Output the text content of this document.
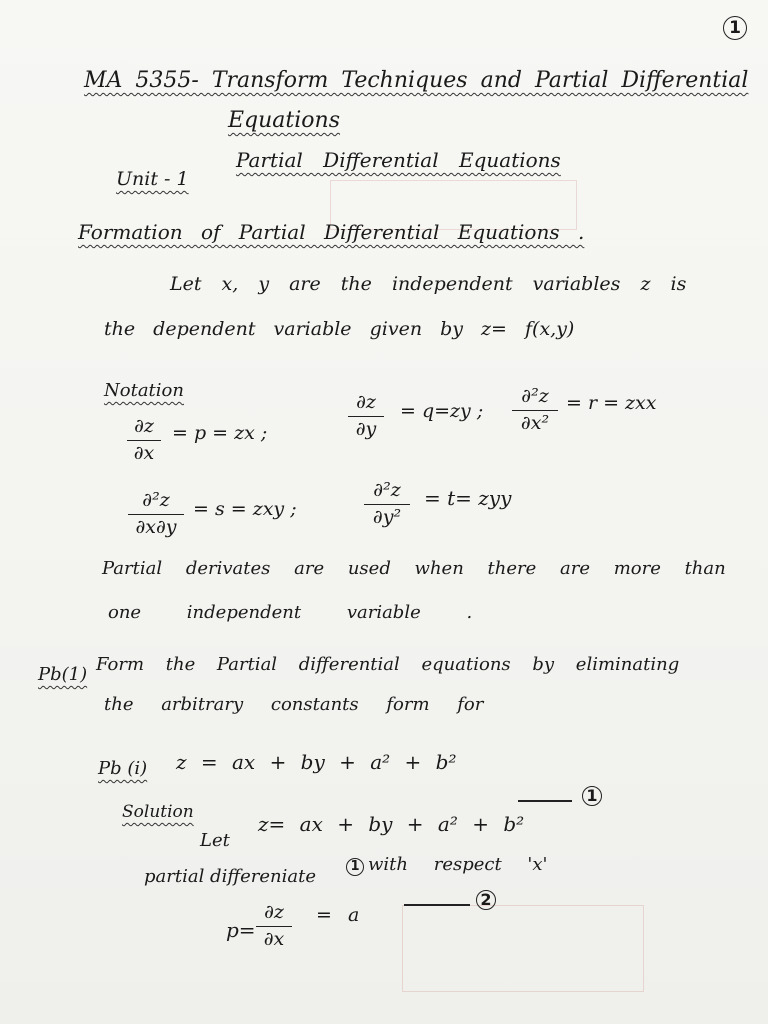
1
MA 5355- Transform Techniques and Partial Differential
Equations
Unit - 1
Partial Differential Equations
Formation of Partial Differential Equations .
Let x, y are the independent variables z is
the dependent variable given by z= f(x,y)
Notation
∂z
∂x
= p = zx ;
∂z
∂y
= q=zy ;
∂²z
∂x²
= r = zxx
∂²z
∂x∂y
= s = zxy ;
∂²z
∂y²
= t= zyy
Partial derivates are used when there are more than
one independent variable .
Pb(1) Form the Partial differential equations by eliminating
the arbitrary constants form for
Pb (i) z = ax + by + a² + b²
Solution
Let
z= ax + by + a² + b²
1
partial differeniate	1 with respect 'x'
p=
∂z
∂x
= a
2
